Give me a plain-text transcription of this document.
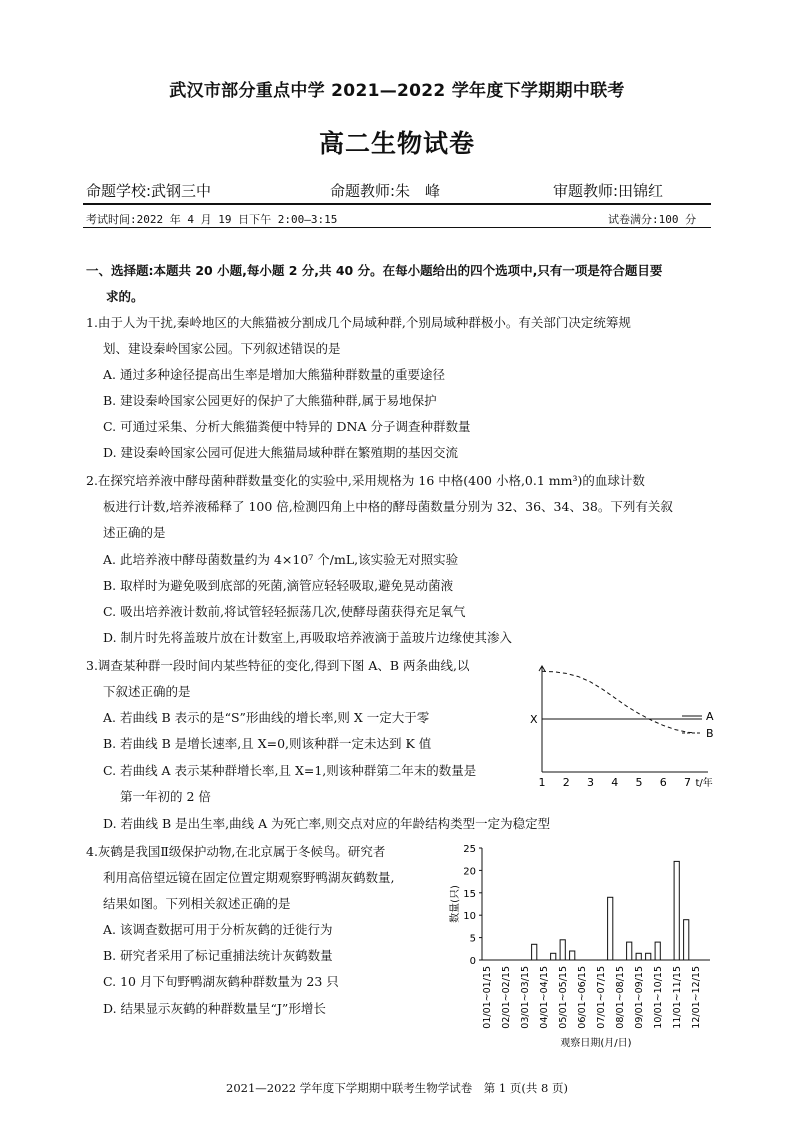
武汉市部分重点中学 2021—2022 学年度下学期期中联考
高二生物试卷
命题学校:武钢三中	命题教师:朱　峰	审题教师:田锦红
考试时间:2022 年 4 月 19 日下午 2:00—3:15	试卷满分:100 分
一、选择题:本题共 20 小题,每小题 2 分,共 40 分。在每小题给出的四个选项中,只有一项是符合题目要
求的。
1.由于人为干扰,秦岭地区的大熊猫被分割成几个局域种群,个别局域种群极小。有关部门决定统筹规
划、建设秦岭国家公园。下列叙述错误的是
A. 通过多种途径提高出生率是增加大熊猫种群数量的重要途径
B. 建设秦岭国家公园更好的保护了大熊猫种群,属于易地保护
C. 可通过采集、分析大熊猫粪便中特异的 DNA 分子调查种群数量
D. 建设秦岭国家公园可促进大熊猫局域种群在繁殖期的基因交流
2.在探究培养液中酵母菌种群数量变化的实验中,采用规格为 16 中格(400 小格,0.1 mm³)的血球计数
板进行计数,培养液稀释了 100 倍,检测四角上中格的酵母菌数量分别为 32、36、34、38。下列有关叙
述正确的是
A. 此培养液中酵母菌数量约为 4×10⁷ 个/mL,该实验无对照实验
B. 取样时为避免吸到底部的死菌,滴管应轻轻吸取,避免晃动菌液
C. 吸出培养液计数前,将试管轻轻振荡几次,使酵母菌获得充足氧气
D. 制片时先将盖玻片放在计数室上,再吸取培养液滴于盖玻片边缘使其渗入
3.调查某种群一段时间内某些特征的变化,得到下图 A、B 两条曲线,以
下叙述正确的是
A. 若曲线 B 表示的是“S”形曲线的增长率,则 X 一定大于零
B. 若曲线 B 是增长速率,且 X=0,则该种群一定未达到 K 值
C. 若曲线 A 表示某种群增长率,且 X=1,则该种群第二年末的数量是
第一年初的 2 倍
D. 若曲线 B 是出生率,曲线 A 为死亡率,则交点对应的年龄结构类型一定为稳定型
1 2 3 4 5 6 7 t/年
X	A
B
4.灰鹤是我国Ⅱ级保护动物,在北京属于冬候鸟。研究者
利用高倍望远镜在固定位置定期观察野鸭湖灰鹤数量,
结果如图。下列相关叙述正确的是
A. 该调查数据可用于分析灰鹤的迁徙行为
B. 研究者采用了标记重捕法统计灰鹤数量
C. 10 月下旬野鸭湖灰鹤种群数量为 23 只
D. 结果显示灰鹤的种群数量呈“J”形增长
0
5
10
15
20
25
数量(只)
01/01~01/15 02/01~02/15 03/01~03/15 04/01~04/15 05/01~05/15 06/01~06/15 07/01~07/15 08/01~08/15 09/01~09/15 10/01~10/15 11/01~11/15 12/01~12/15
观察日期(月/日)
2021—2022 学年度下学期期中联考生物学试卷　第 1 页(共 8 页)
